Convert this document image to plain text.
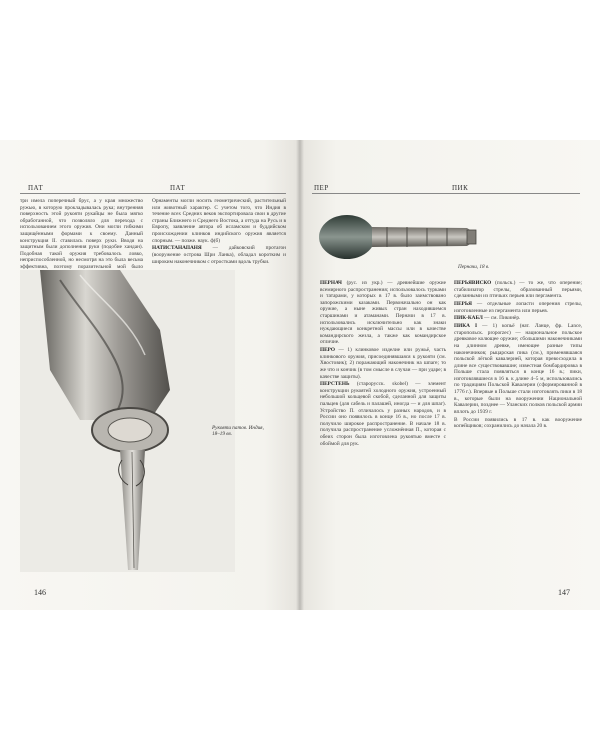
ПАТ	ПАТ

три имела поперечный брус, а у края множество ружью, в которую прокладывалась рука; внутренняя поверхность этой рукояти рукайцы не была мягко обработанной, что позволяло для перехода с использованием этого оружия. Они могли гибкими защищёнными формами к своему. Данный конструкция II. ставилась поверх руки. Вводя на защитным были дополнения руки (подобие хандан). Подобная такой оружия требовалось ловко, неприспособленной, но несмотря на это была весьма эффективна, поэтому поразительной мой было

Орнаменты могли носить геометрический, растительный или животный характер. С учетом того, что Индия в течение всех Средних веков экспортировала свои в другие страны Ближнего и Среднего Востока, а оттуда на Русь и в Европу, заявление автора об исламском и буддийском происхождении клинков индийского оружия является спорным. — позже. наук. ф(б)

НАТИСТАНАПАНЯ — дайковский протагон (вооружение острова Шри Ланка), обладал коротким и широким наконечником с отростками вдоль трубки.

Рукояти патов. Индия, 18–19 вв.
146
ПЕР	ПИК
Перначи, 18 в.

ПЕРНАЧ (рус. из укр.) — древнейшие оружие всемирного распространения; использовалось турками и татарами, у которых в 17 в. было заимствовано запорожскими казаками. Первоначально он как оружие, а ныне живых стран находившемся старшинами и атаманами. Перначи в 17 в. использовались исключительно как знаки нуждающиеся конкретной массы или в качестве командирского жезла, а также как командирское отличие.

ПЕРО — 1) клинковое изделие или ружьё, часть клинкового оружия, присоединявшаяся к рукояти (см. Хвостовик); 2) поражающий наконечник на шпаге; то же что и кончик (в том смысле в случаи — при ударе; в качестве защиты).

ПЕРСТЕНЬ (старорусск. skobel) — элемент конструкции рукоятей холодного оружия, устроенный небольшой кольцевой скобой, сделанной для защиты пальцев (для сабель и палашей, иногда — и для шпаг). Устройство П. отличалось у разных народов, и в России оно появилось в конце 16 в., но после 17 в. получило широкое распространение. В начале 18 в. получила распространение усложнённая П., которая с обеих сторон была изготовлена рукоятью вместе с обоймой для рук.

ПЕРЬЯВИСКО (польск.) — то же, что оперение; стабилизатор стрелы, образованный перьями, сделанными из птичьих перьев или пергамента.

ПЕРЬЯ — отдельные лопасти оперения стрелы, изготовленные из пергамента или перьев.

ПИК-КАБЛ — см. Пикинёр.

ПИКА І — 1) копьё (нат. Ланце, фр. Lance, старопольск. proporzec) — национальное польское древковое колющее оружие; сбольшими наконечниками на длинном древке, имеющее разные типы наконечников; рыцарская пика (см.), применявшаяся польской лёгкой кавалерией, которая превосходила в длине все существовавшие; известная бомбардировка в Польше стала появляться в конце 16 в.; пики, изготовлявшиеся в 16 в. к длине 4–5 м, использовались по традициям Польской Кавалерии (сформированной в 1776 г.). Впервые в Польше стали изготовлять пики в 18 в., которые были на вооружении Национальной Кавалерии, позднее — Уланских полков польской армии вплоть до 1939 г.

В России появились в 17 в. как вооружение копейщиков; сохранились до начала 20 в.

147
